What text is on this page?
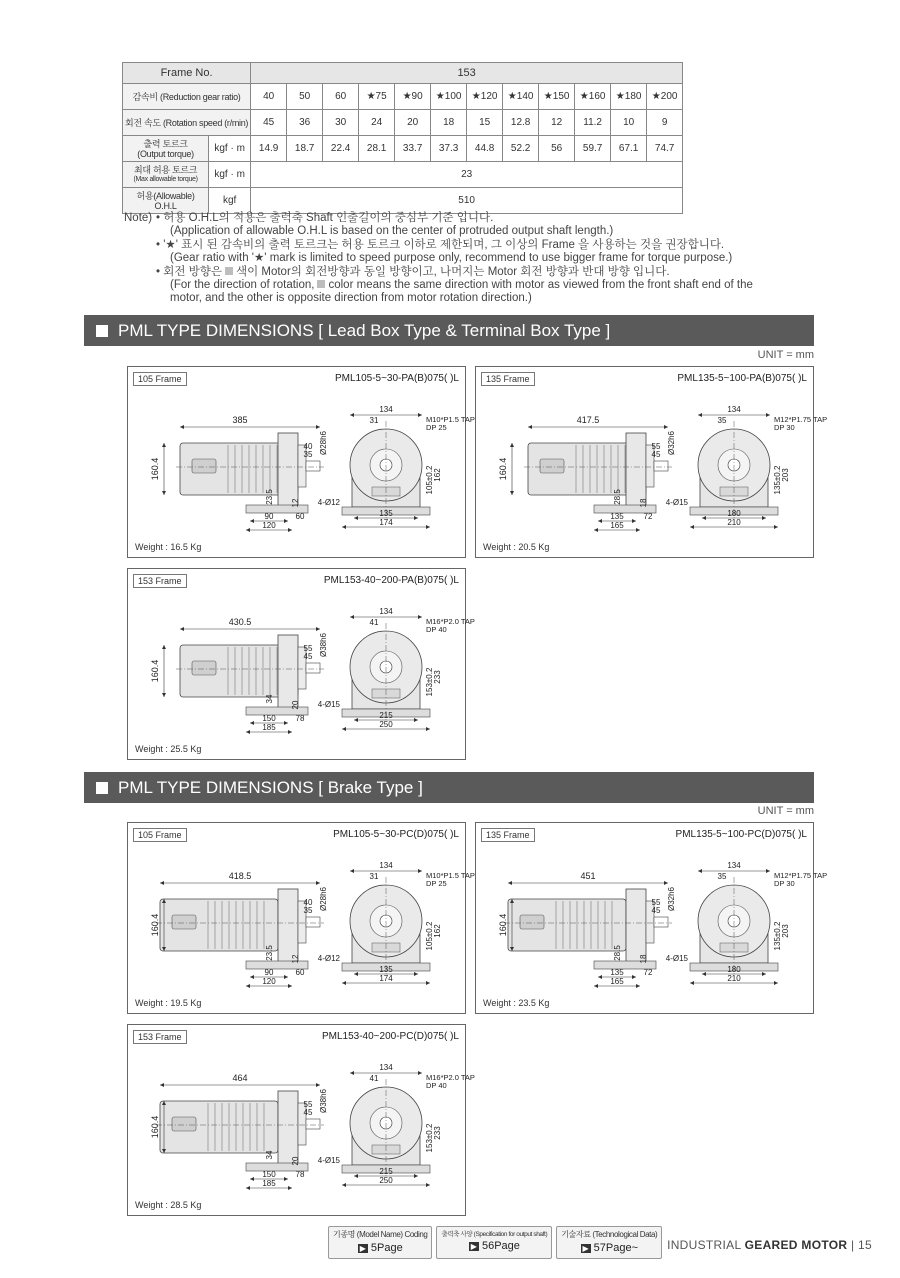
Frame No.		153											
감속비 (Reduction gear ratio)		40	50	60	★75	★90	★100	★120	★140	★150	★160	★180	★200
회전 속도 (Rotation speed (r/min)		45	36	30	24	20	18	15	12.8	12	11.2	10	9

출력 토르크
(Output torque)	kgf · m	14.9	18.7	22.4	28.1	33.7	37.3	44.8	52.2	56	59.7	67.1	74.7

최대 허용 토르크
(Max allowable torque)	kgf · m	23											

허용(Allowable)
O.H.L	kgf	510											
Note) • 허용 O.H.L의 적용은 출력축 Shaft 인출길이의 중심부 기준 입니다.
(Application of allowable O.H.L is based on the center of protruded output shaft length.)
• '★' 표시 된 감속비의 출력 토르크는 허용 토르크 이하로 제한되며, 그 이상의 Frame 을 사용하는 것을 권장합니다.
(Gear ratio with '★' mark is limited to speed purpose only, recommend to use bigger frame for torque purpose.)
• 회전 방향은 색이 Motor의 회전방향과 동일 방향이고, 나머지는 Motor 회전 방향과 반대 방향 입니다.
(For the direction of rotation, color means the same direction with motor as viewed from the front shaft end of the
motor, and the other is opposite direction from motor rotation direction.)
PML TYPE DIMENSIONS [ Lead Box Type & Terminal Box Type ]
UNIT = mm
105 Frame	PML105-5~30-PA(B)075( )L
Weight : 16.5 Kg
385
160.4
40
35 Ø28h6
23.5 12
90
120
60
134
31	M10*P1.5 TAP
DP 25
4-Ø12
135
174
105±0.2 162
135 Frame	PML135-5~100-PA(B)075( )L
Weight : 20.5 Kg
417.5
160.4
55
45 Ø32h6
28.5 18
135
165
72
134
35	M12*P1.75 TAP
DP 30
4-Ø15
180
210
135±0.2 203
153 Frame	PML153-40~200-PA(B)075( )L
Weight : 25.5 Kg
430.5
160.4
55
45 Ø38h6
34
20
150
185
78
134
41	M16*P2.0 TAP
DP 40
4-Ø15
215
250
153±0.2 233
PML TYPE DIMENSIONS [ Brake Type ]
UNIT = mm
105 Frame	PML105-5~30-PC(D)075( )L
Weight : 19.5 Kg
418.5
160.4
40
35 Ø28h6
23.5 12
90
120
60
134
31	M10*P1.5 TAP
DP 25
4-Ø12
135
174
105±0.2 162
135 Frame	PML135-5~100-PC(D)075( )L
Weight : 23.5 Kg
451
160.4
55
45 Ø32h6
28.5 18
135
165
72
134
35	M12*P1.75 TAP
DP 30
4-Ø15
180
210
135±0.2 203
153 Frame	PML153-40~200-PC(D)075( )L
Weight : 28.5 Kg
464
160.4
55
45 Ø38h6
34
20
150
185
78
134
41	M16*P2.0 TAP
DP 40
4-Ø15
215
250
153±0.2 233
기종명 (Model Name) Coding
▶ 5Page
출력축 사양 (Specification for output shaft)
▶ 56Page
기술자료 (Technological Data)
▶ 57Page~	INDUSTRIAL GEARED MOTOR | 15
